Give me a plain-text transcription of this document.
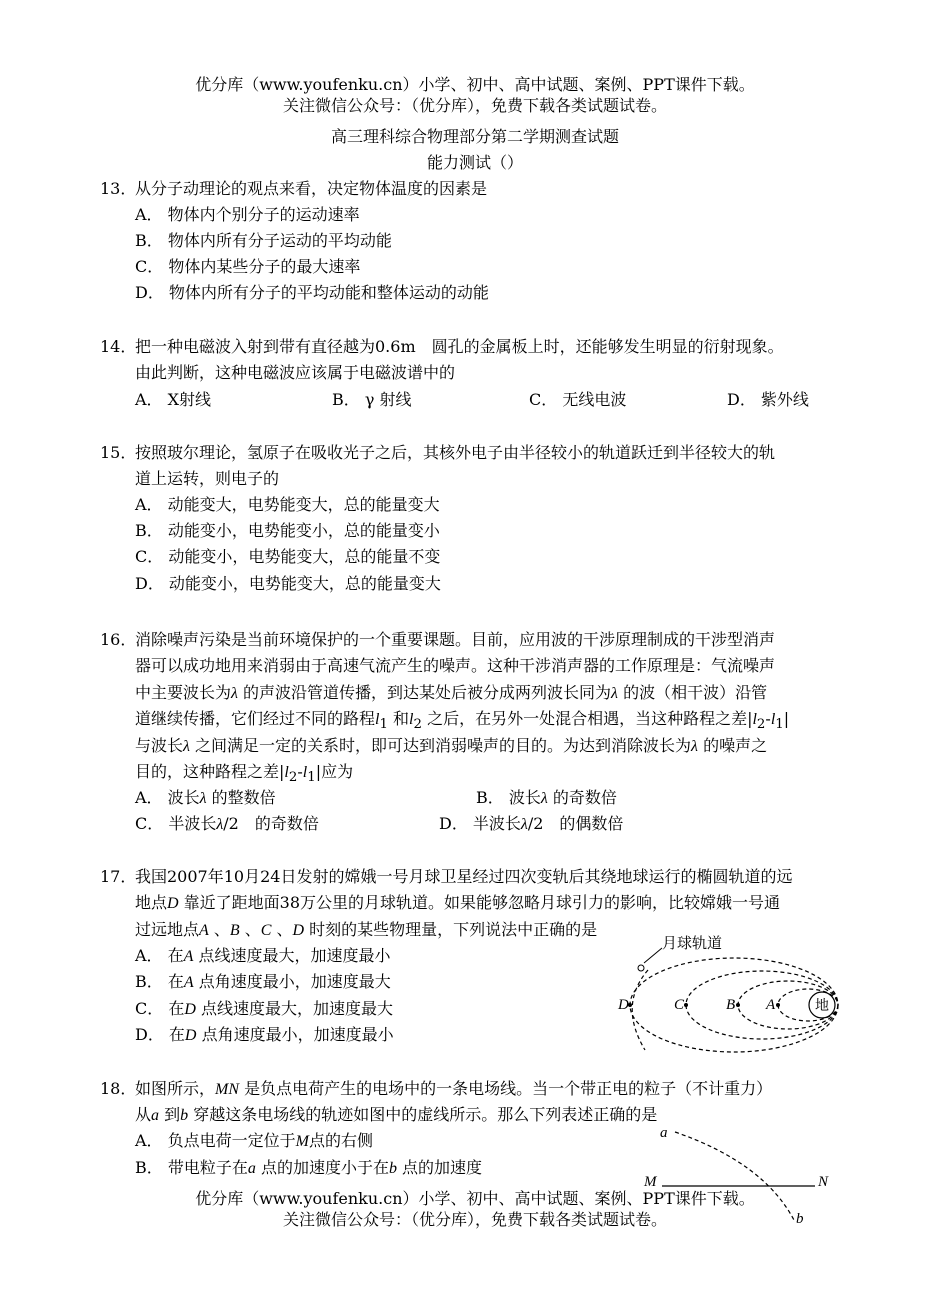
优分库（www.youfenku.cn）小学、初中、高中试题、案例、PPT课件下载。
关注微信公众号：（优分库），免费下载各类试题试卷。
高三理科综合物理部分第二学期测查试题
能力测试（）
13．
从分子动理论的观点来看，决定物体温度的因素是
A． 物体内个别分子的运动速率
B． 物体内所有分子运动的平均动能
C． 物体内某些分子的最大速率
D． 物体内所有分子的平均动能和整体运动的动能
14．
把一种电磁波入射到带有直径越为0.6m　圆孔的金属板上时，还能够发生明显的衍射现象。
由此判断，这种电磁波应该属于电磁波谱中的
A． X射线	B． γ 射线	C． 无线电波	D． 紫外线
15．
按照玻尔理论，氢原子在吸收光子之后，其核外电子由半径较小的轨道跃迁到半径较大的轨
道上运转，则电子的
A． 动能变大，电势能变大，总的能量变大
B． 动能变小，电势能变小，总的能量变小
C． 动能变小，电势能变大，总的能量不变
D． 动能变小，电势能变大，总的能量变大
16．
消除噪声污染是当前环境保护的一个重要课题。目前，应用波的干涉原理制成的干涉型消声
器可以成功地用来消弱由于高速气流产生的噪声。这种干涉消声器的工作原理是：气流噪声
中主要波长为λ 的声波沿管道传播，到达某处后被分成两列波长同为λ 的波（相干波）沿管
道继续传播，它们经过不同的路程$l_1$ 和$l_2$ 之后，在另外一处混合相遇，当这种路程之差$|l_2-l_1|$
与波长λ 之间满足一定的关系时，即可达到消弱噪声的目的。为达到消除波长为λ 的噪声之
目的，这种路程之差$|l_2-l_1|$应为
A． 波长λ 的整数倍	B． 波长λ 的奇数倍
C． 半波长λ/2　的奇数倍	D． 半波长λ/2　的偶数倍
17．
我国2007年10月24日发射的嫦娥一号月球卫星经过四次变轨后其绕地球运行的椭圆轨道的远
地点D 靠近了距地面38万公里的月球轨道。如果能够忽略月球引力的影响，比较嫦娥一号通
过远地点A 、B 、C 、D 时刻的某些物理量，下列说法中正确的是
A． 在A 点线速度最大，加速度最小
B． 在A 点角速度最小，加速度最大
C． 在D 点线速度最大，加速度最大
D． 在D 点角速度最小，加速度最小
月球轨道
地
D	C	B A
18．
如图所示，MN 是负点电荷产生的电场中的一条电场线。当一个带正电的粒子（不计重力）
从a 到b 穿越这条电场线的轨迹如图中的虚线所示。那么下列表述正确的是
A． 负点电荷一定位于M点的右侧
B． 带电粒子在a 点的加速度小于在b 点的加速度
a
b
M	N
优分库（www.youfenku.cn）小学、初中、高中试题、案例、PPT课件下载。
关注微信公众号：（优分库），免费下载各类试题试卷。
